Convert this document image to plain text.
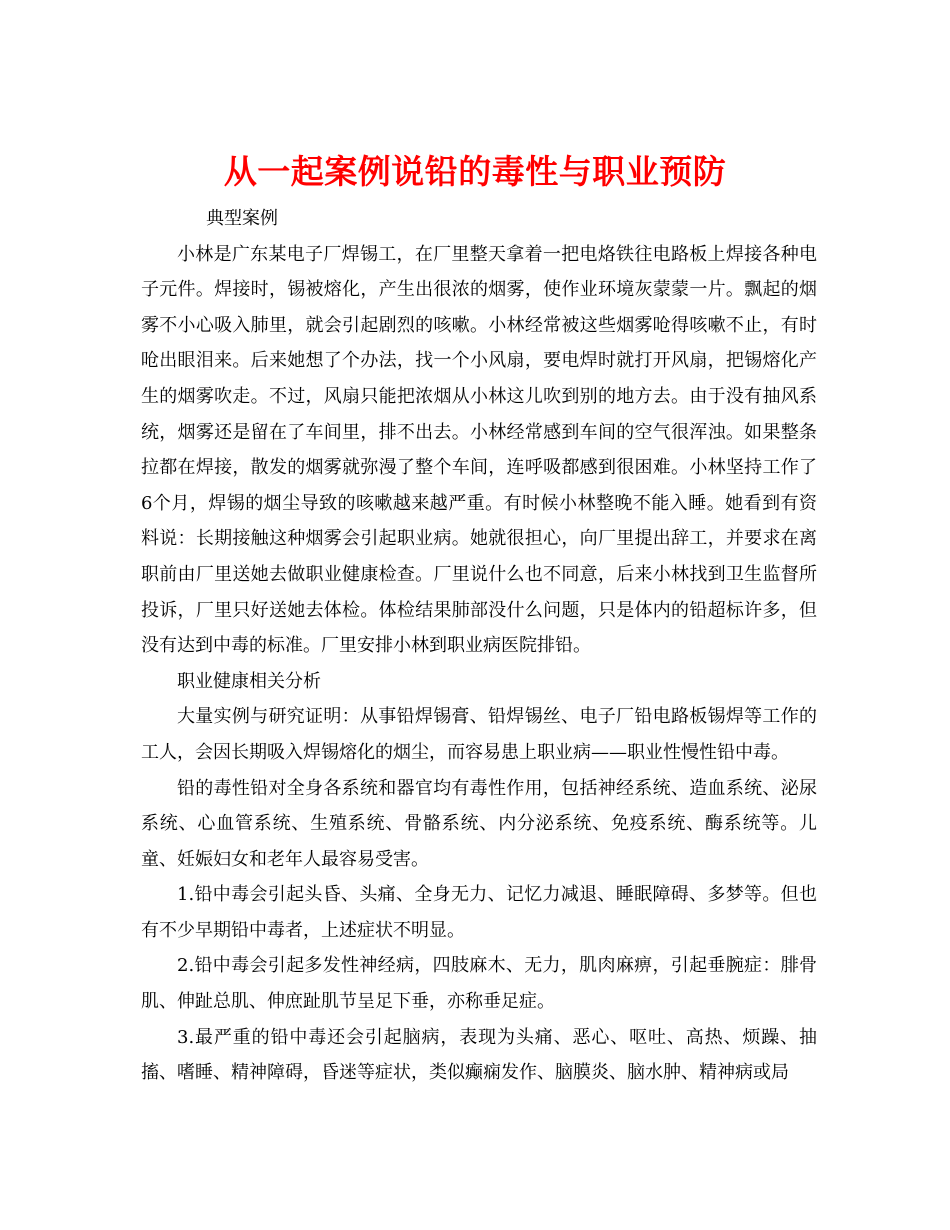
从一起案例说铅的毒性与职业预防

典型案例

小林是广东某电子厂焊锡工，在厂里整天拿着一把电烙铁往电路板上焊接各种电子元件。焊接时，锡被熔化，产生出很浓的烟雾，使作业环境灰蒙蒙一片。飘起的烟雾不小心吸入肺里，就会引起剧烈的咳嗽。小林经常被这些烟雾呛得咳嗽不止，有时呛出眼泪来。后来她想了个办法，找一个小风扇，要电焊时就打开风扇，把锡熔化产生的烟雾吹走。不过，风扇只能把浓烟从小林这儿吹到别的地方去。由于没有抽风系统，烟雾还是留在了车间里，排不出去。小林经常感到车间的空气很浑浊。如果整条拉都在焊接，散发的烟雾就弥漫了整个车间，连呼吸都感到很困难。小林坚持工作了6个月，焊锡的烟尘导致的咳嗽越来越严重。有时候小林整晚不能入睡。她看到有资料说：长期接触这种烟雾会引起职业病。她就很担心，向厂里提出辞工，并要求在离职前由厂里送她去做职业健康检查。厂里说什么也不同意，后来小林找到卫生监督所投诉，厂里只好送她去体检。体检结果肺部没什么问题，只是体内的铅超标许多，但没有达到中毒的标准。厂里安排小林到职业病医院排铅。

职业健康相关分析

大量实例与研究证明：从事铅焊锡膏、铅焊锡丝、电子厂铅电路板锡焊等工作的工人，会因长期吸入焊锡熔化的烟尘，而容易患上职业病——职业性慢性铅中毒。

铅的毒性铅对全身各系统和器官均有毒性作用，包括神经系统、造血系统、泌尿系统、心血管系统、生殖系统、骨骼系统、内分泌系统、免疫系统、酶系统等。儿童、妊娠妇女和老年人最容易受害。

1.铅中毒会引起头昏、头痛、全身无力、记忆力减退、睡眠障碍、多梦等。但也有不少早期铅中毒者，上述症状不明显。

2.铅中毒会引起多发性神经病，四肢麻木、无力，肌肉麻痹，引起垂腕症：腓骨肌、伸趾总肌、伸庶趾肌节呈足下垂，亦称垂足症。

3.最严重的铅中毒还会引起脑病，表现为头痛、恶心、呕吐、高热、烦躁、抽搐、嗜睡、精神障碍，昏迷等症状，类似癫痫发作、脑膜炎、脑水肿、精神病或局
